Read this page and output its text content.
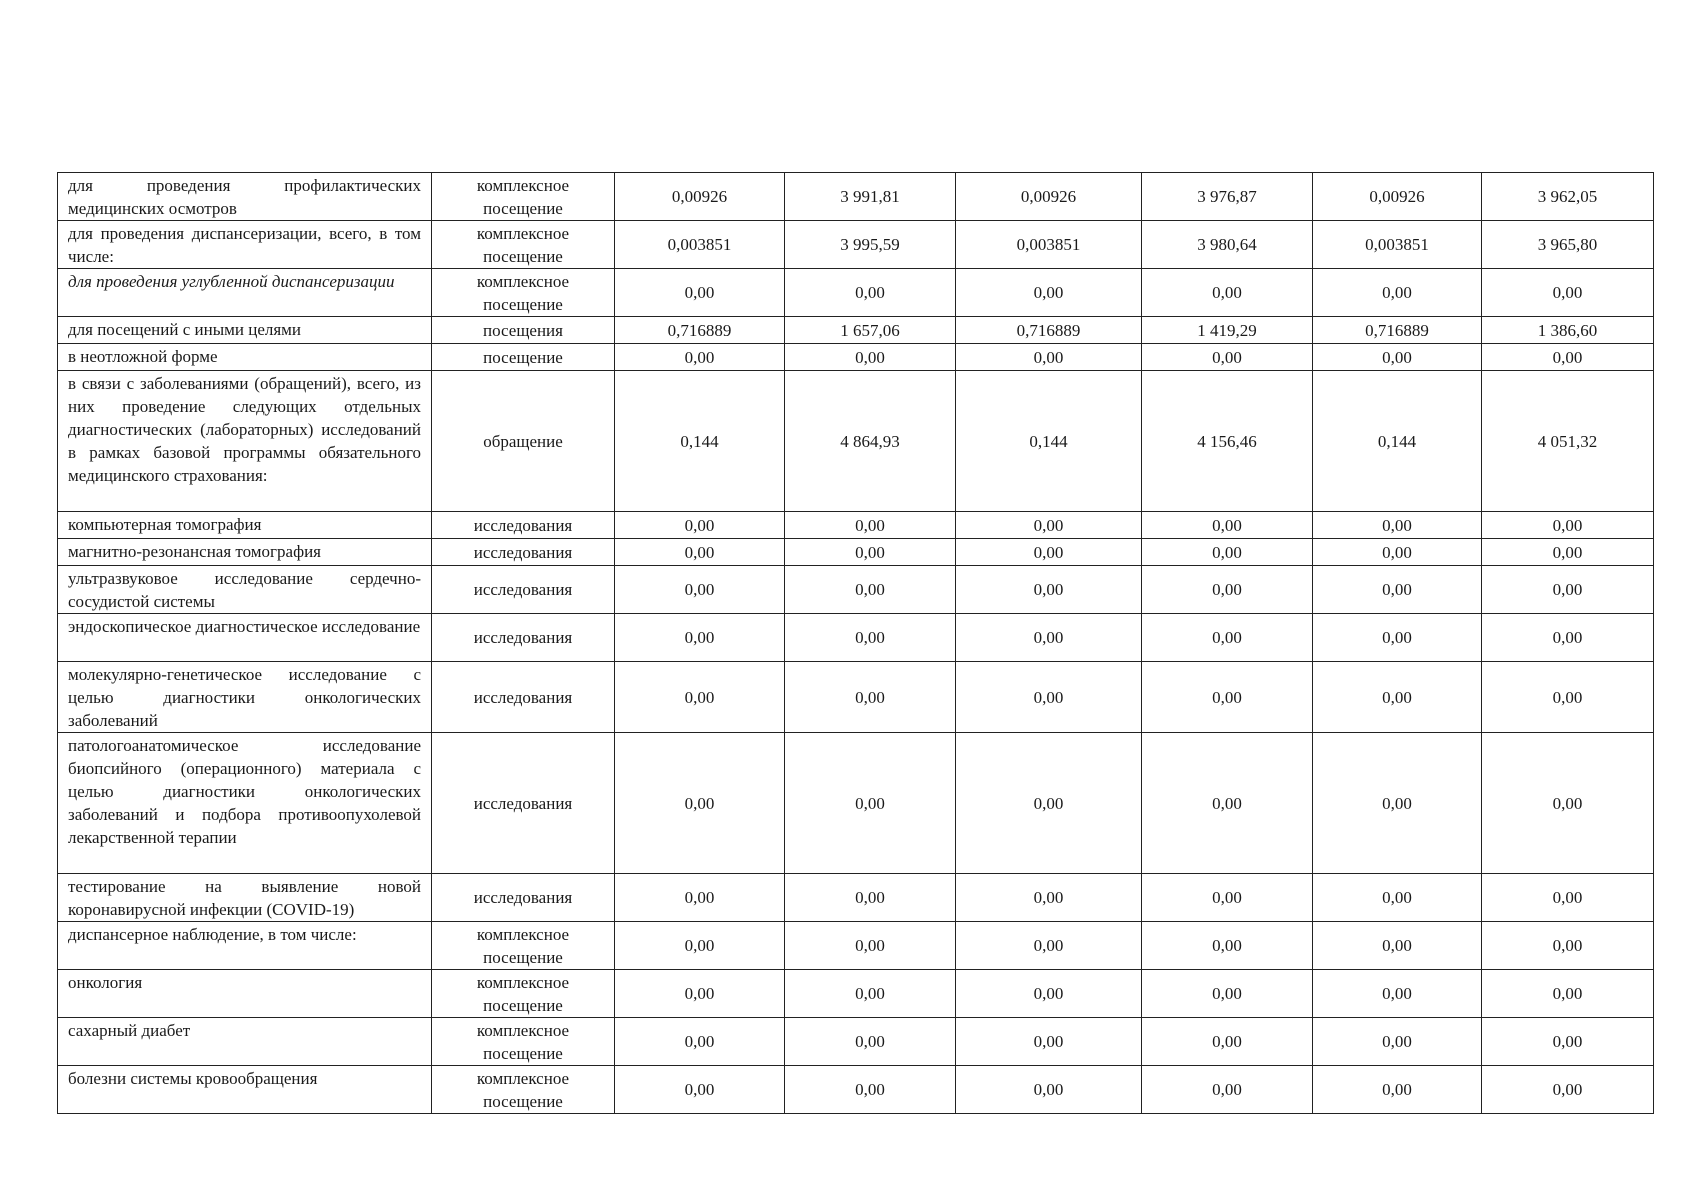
для проведения профилактических медицинских осмотров	комплексное посещение	0,00926	3 991,81	0,00926	3 976,87	0,00926	3 962,05
для проведения диспансеризации, всего, в том числе:	комплексное посещение	0,003851	3 995,59	0,003851	3 980,64	0,003851	3 965,80
для проведения углубленной диспансеризации	комплексное посещение	0,00	0,00	0,00	0,00	0,00	0,00
для посещений с иными целями	посещения	0,716889	1 657,06	0,716889	1 419,29	0,716889	1 386,60
в неотложной форме	посещение	0,00	0,00	0,00	0,00	0,00	0,00
в связи с заболеваниями (обращений), всего, из них проведение следующих отдельных диагностических (лабораторных) исследований в рамках базовой программы обязательного медицинского страхования:	обращение	0,144	4 864,93	0,144	4 156,46	0,144	4 051,32
компьютерная томография	исследования	0,00	0,00	0,00	0,00	0,00	0,00
магнитно-резонансная томография	исследования	0,00	0,00	0,00	0,00	0,00	0,00
ультразвуковое исследование сердечно-сосудистой системы	исследования	0,00	0,00	0,00	0,00	0,00	0,00
эндоскопическое диагностическое исследование	исследования	0,00	0,00	0,00	0,00	0,00	0,00
молекулярно-генетическое исследование с целью диагностики онкологических заболеваний	исследования	0,00	0,00	0,00	0,00	0,00	0,00
патологоанатомическое исследование биопсийного (операционного) материала с целью диагностики онкологических заболеваний и подбора противоопухолевой лекарственной терапии	исследования	0,00	0,00	0,00	0,00	0,00	0,00
тестирование на выявление новой коронавирусной инфекции (COVID-19)	исследования	0,00	0,00	0,00	0,00	0,00	0,00
диспансерное наблюдение, в том числе:	комплексное посещение	0,00	0,00	0,00	0,00	0,00	0,00
онкология	комплексное посещение	0,00	0,00	0,00	0,00	0,00	0,00
сахарный диабет	комплексное посещение	0,00	0,00	0,00	0,00	0,00	0,00
болезни системы кровообращения	комплексное посещение	0,00	0,00	0,00	0,00	0,00	0,00
